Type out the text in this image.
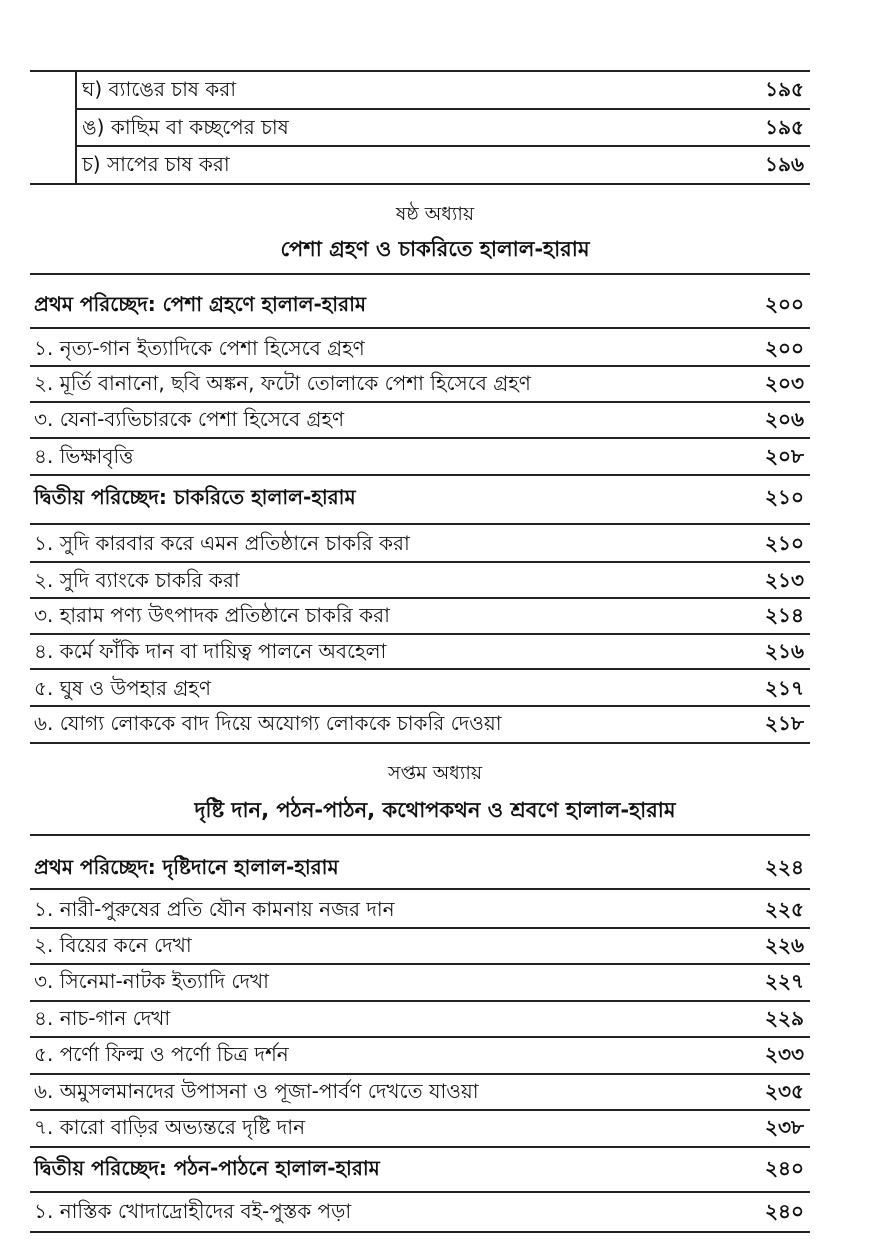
ঘ) ব্যাঙের চাষ করা	১৯৫
ঙ) কাছিম বা কচ্ছপের চাষ	১৯৫
চ) সাপের চাষ করা	১৯৬
ষষ্ঠ অধ্যায়
পেশা গ্রহণ ও চাকরিতে হালাল-হারাম
প্রথম পরিচ্ছেদ: পেশা গ্রহণে হালাল-হারাম	২০০
১. নৃত্য-গান ইত্যাদিকে পেশা হিসেবে গ্রহণ	২০০
২. মূর্তি বানানো, ছবি অঙ্কন, ফটো তোলাকে পেশা হিসেবে গ্রহণ	২০৩
৩. যেনা-ব্যভিচারকে পেশা হিসেবে গ্রহণ	২০৬
৪. ভিক্ষাবৃত্তি	২০৮
দ্বিতীয় পরিচ্ছেদ: চাকরিতে হালাল-হারাম	২১০
১. সুদি কারবার করে এমন প্রতিষ্ঠানে চাকরি করা	২১০
২. সুদি ব্যাংকে চাকরি করা	২১৩
৩. হারাম পণ্য উৎপাদক প্রতিষ্ঠানে চাকরি করা	২১৪
৪. কর্মে ফাঁকি দান বা দায়িত্ব পালনে অবহেলা	২১৬
৫. ঘুষ ও উপহার গ্রহণ	২১৭
৬. যোগ্য লোককে বাদ দিয়ে অযোগ্য লোককে চাকরি দেওয়া	২১৮
সপ্তম অধ্যায়
দৃষ্টি দান, পঠন-পাঠন, কথোপকথন ও শ্রবণে হালাল-হারাম
প্রথম পরিচ্ছেদ: দৃষ্টিদানে হালাল-হারাম	২২৪
১. নারী-পুরুষের প্রতি যৌন কামনায় নজর দান	২২৫
২. বিয়ের কনে দেখা	২২৬
৩. সিনেমা-নাটক ইত্যাদি দেখা	২২৭
৪. নাচ-গান দেখা	২২৯
৫. পর্ণো ফিল্ম ও পর্ণো চিত্র দর্শন	২৩৩
৬. অমুসলমানদের উপাসনা ও পূজা-পার্বণ দেখতে যাওয়া	২৩৫
৭. কারো বাড়ির অভ্যন্তরে দৃষ্টি দান	২৩৮
দ্বিতীয় পরিচ্ছেদ: পঠন-পাঠনে হালাল-হারাম	২৪০
১. নাস্তিক খোদাদ্রোহীদের বই-পুস্তক পড়া	২৪০
